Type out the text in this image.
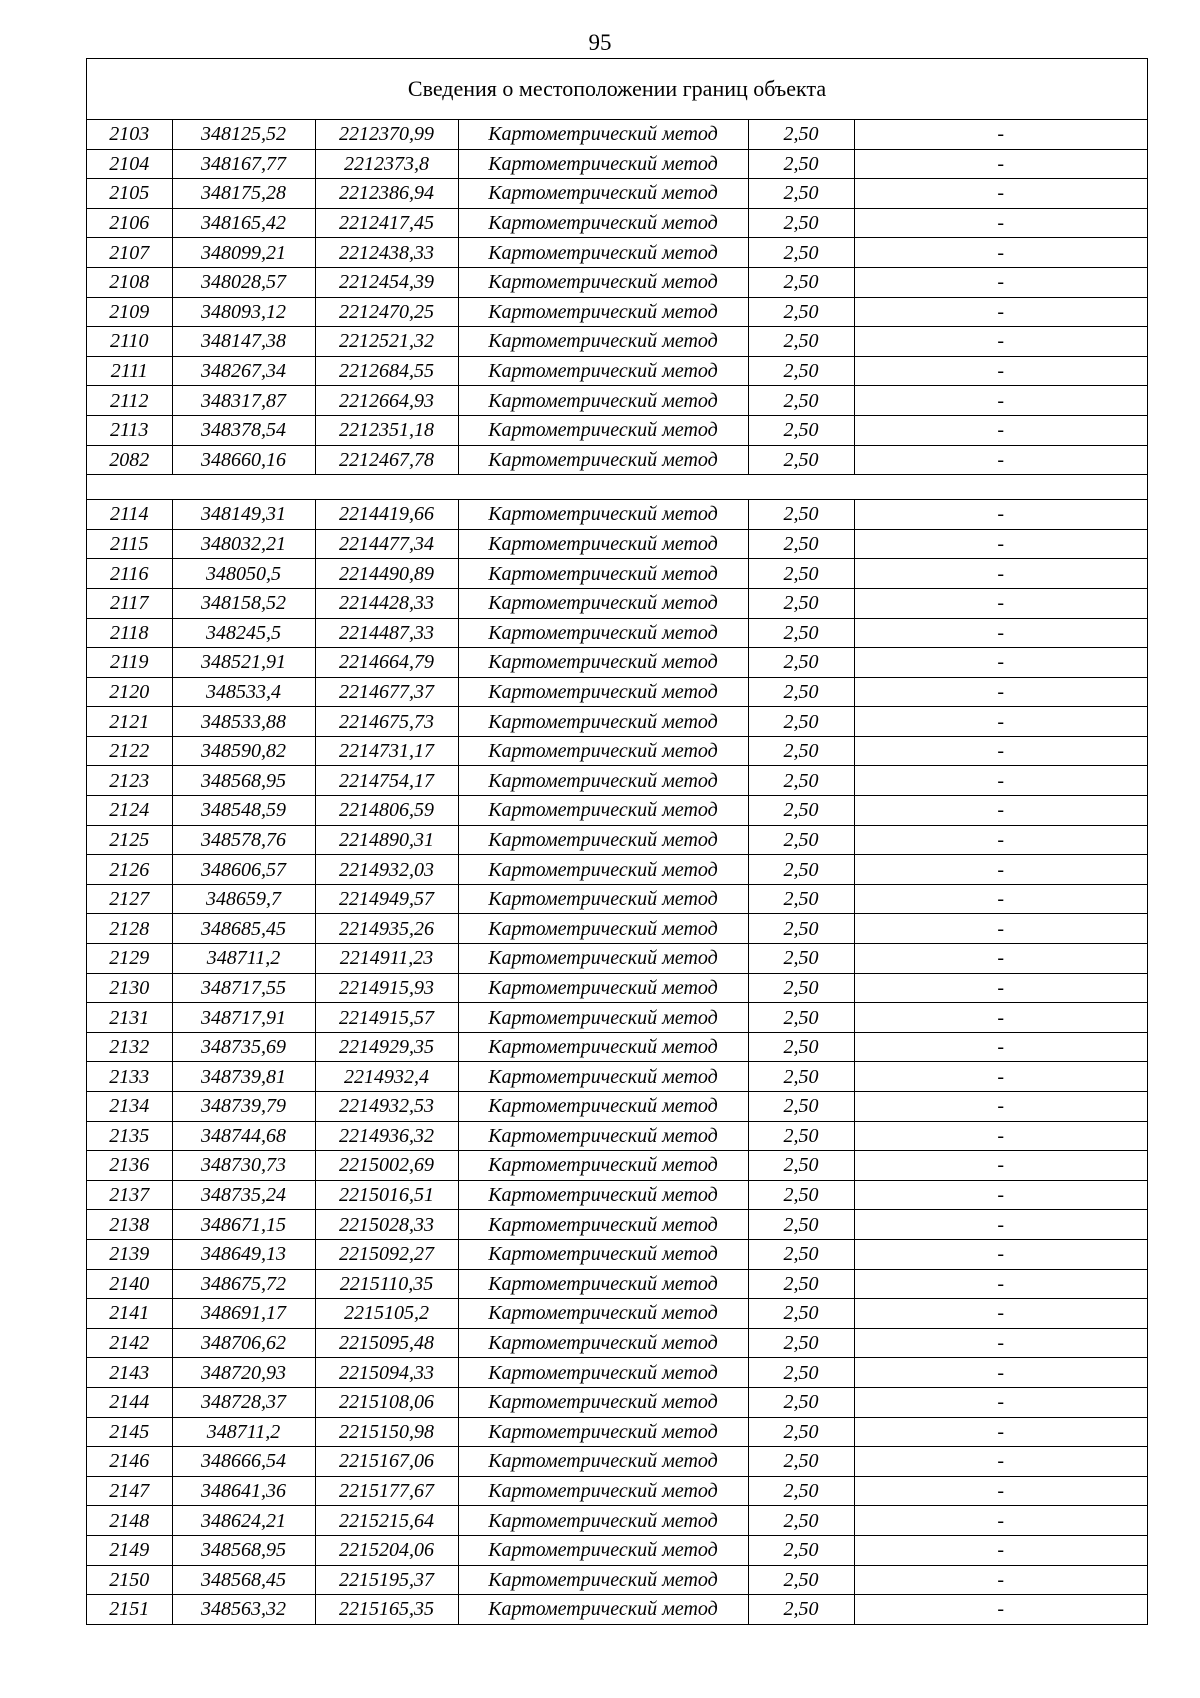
95
Сведения о местоположении границ объекта
2103	348125,52	2212370,99	Картометрический метод	2,50	-
2104	348167,77	2212373,8	Картометрический метод	2,50	-
2105	348175,28	2212386,94	Картометрический метод	2,50	-
2106	348165,42	2212417,45	Картометрический метод	2,50	-
2107	348099,21	2212438,33	Картометрический метод	2,50	-
2108	348028,57	2212454,39	Картометрический метод	2,50	-
2109	348093,12	2212470,25	Картометрический метод	2,50	-
2110	348147,38	2212521,32	Картометрический метод	2,50	-
2111	348267,34	2212684,55	Картометрический метод	2,50	-
2112	348317,87	2212664,93	Картометрический метод	2,50	-
2113	348378,54	2212351,18	Картометрический метод	2,50	-
2082	348660,16	2212467,78	Картометрический метод	2,50	-

2114	348149,31	2214419,66	Картометрический метод	2,50	-
2115	348032,21	2214477,34	Картометрический метод	2,50	-
2116	348050,5	2214490,89	Картометрический метод	2,50	-
2117	348158,52	2214428,33	Картометрический метод	2,50	-
2118	348245,5	2214487,33	Картометрический метод	2,50	-
2119	348521,91	2214664,79	Картометрический метод	2,50	-
2120	348533,4	2214677,37	Картометрический метод	2,50	-
2121	348533,88	2214675,73	Картометрический метод	2,50	-
2122	348590,82	2214731,17	Картометрический метод	2,50	-
2123	348568,95	2214754,17	Картометрический метод	2,50	-
2124	348548,59	2214806,59	Картометрический метод	2,50	-
2125	348578,76	2214890,31	Картометрический метод	2,50	-
2126	348606,57	2214932,03	Картометрический метод	2,50	-
2127	348659,7	2214949,57	Картометрический метод	2,50	-
2128	348685,45	2214935,26	Картометрический метод	2,50	-
2129	348711,2	2214911,23	Картометрический метод	2,50	-
2130	348717,55	2214915,93	Картометрический метод	2,50	-
2131	348717,91	2214915,57	Картометрический метод	2,50	-
2132	348735,69	2214929,35	Картометрический метод	2,50	-
2133	348739,81	2214932,4	Картометрический метод	2,50	-
2134	348739,79	2214932,53	Картометрический метод	2,50	-
2135	348744,68	2214936,32	Картометрический метод	2,50	-
2136	348730,73	2215002,69	Картометрический метод	2,50	-
2137	348735,24	2215016,51	Картометрический метод	2,50	-
2138	348671,15	2215028,33	Картометрический метод	2,50	-
2139	348649,13	2215092,27	Картометрический метод	2,50	-
2140	348675,72	2215110,35	Картометрический метод	2,50	-
2141	348691,17	2215105,2	Картометрический метод	2,50	-
2142	348706,62	2215095,48	Картометрический метод	2,50	-
2143	348720,93	2215094,33	Картометрический метод	2,50	-
2144	348728,37	2215108,06	Картометрический метод	2,50	-
2145	348711,2	2215150,98	Картометрический метод	2,50	-
2146	348666,54	2215167,06	Картометрический метод	2,50	-
2147	348641,36	2215177,67	Картометрический метод	2,50	-
2148	348624,21	2215215,64	Картометрический метод	2,50	-
2149	348568,95	2215204,06	Картометрический метод	2,50	-
2150	348568,45	2215195,37	Картометрический метод	2,50	-
2151	348563,32	2215165,35	Картометрический метод	2,50	-
